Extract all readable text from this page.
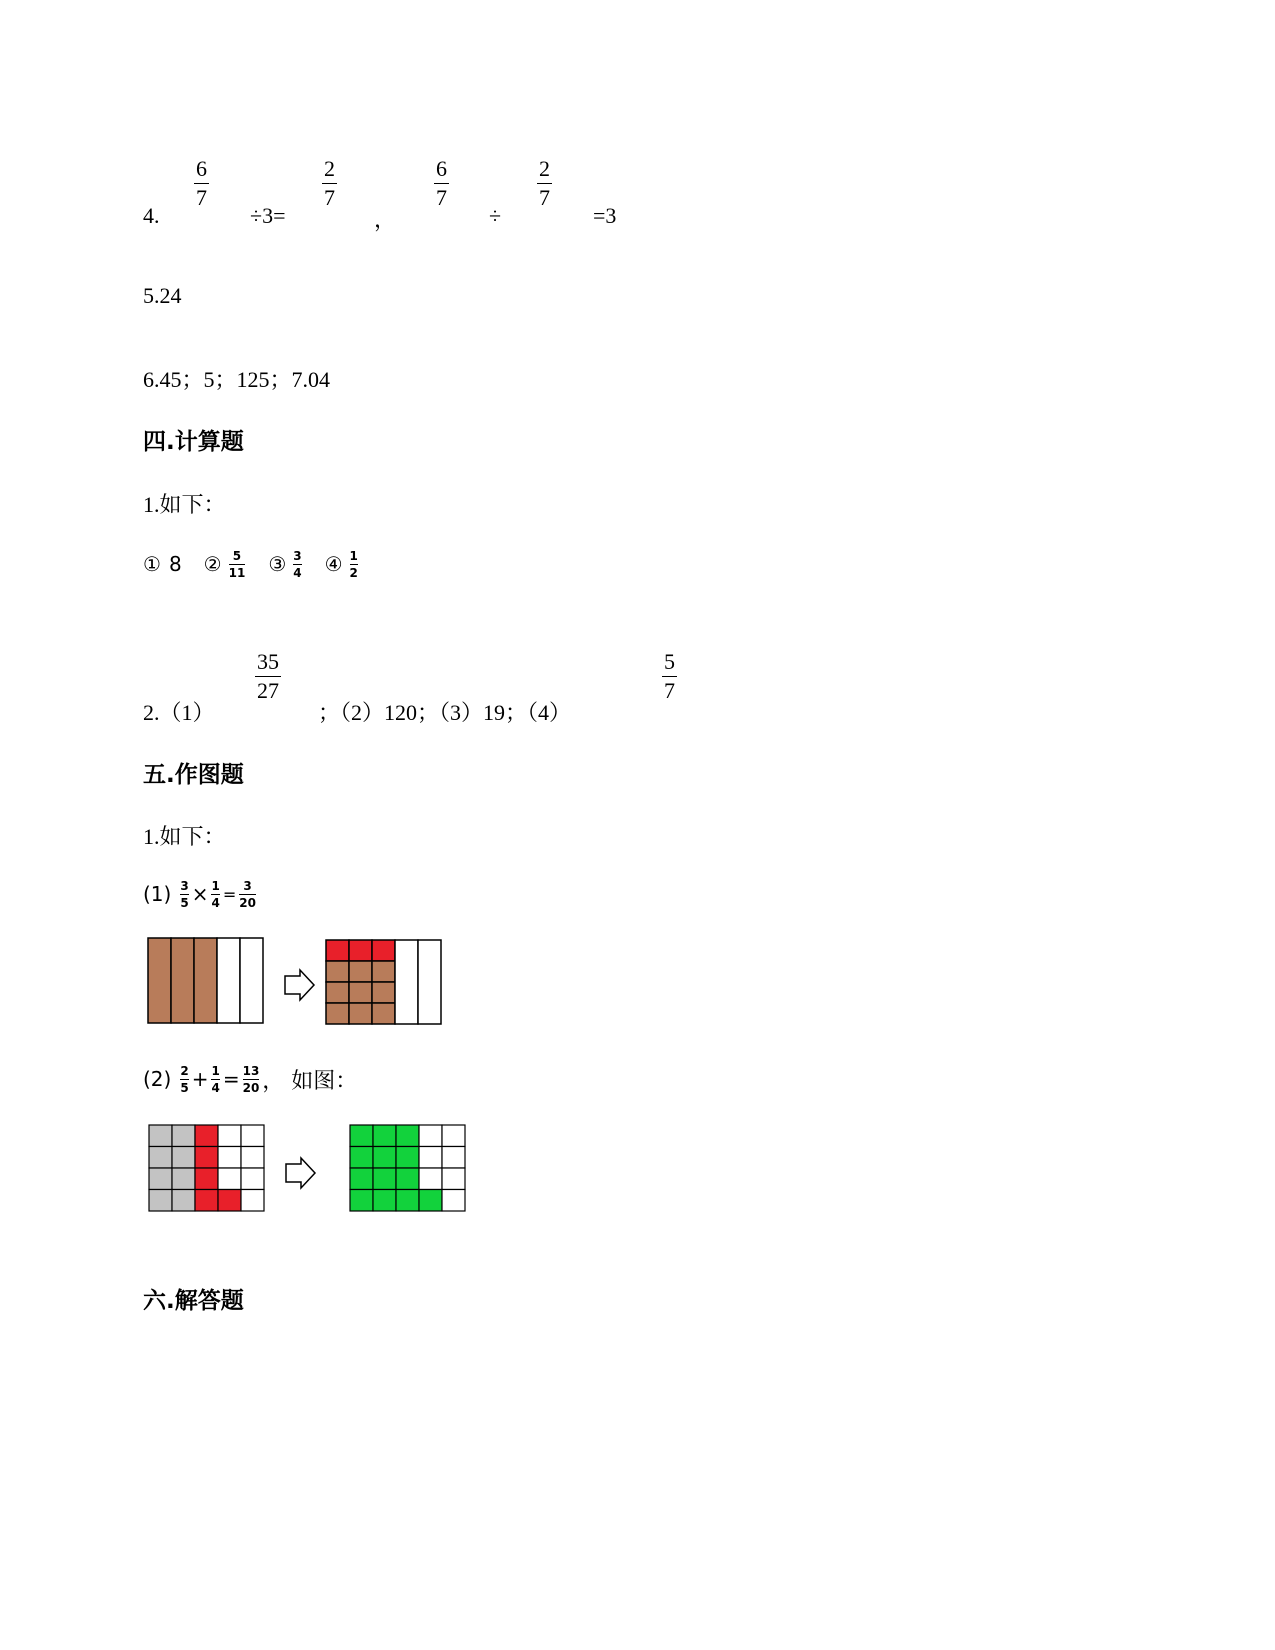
4.
6
7
÷3=
2
7
，
6
7
÷
2
7
=3
5.24
6.45；5；125；7.04
四.计算题
1.如下：
① 8 ② 5
11 ③ 3
4 ④ 1
2
2.（1）
35
27
；（2）120；（3）19；（4）
5
7
五.作图题
1.如下：
(1) 3
5 × 1
4 = 3
20
(2) 2
5 + 1
4 = 13
20 ， 如图：
六.解答题
